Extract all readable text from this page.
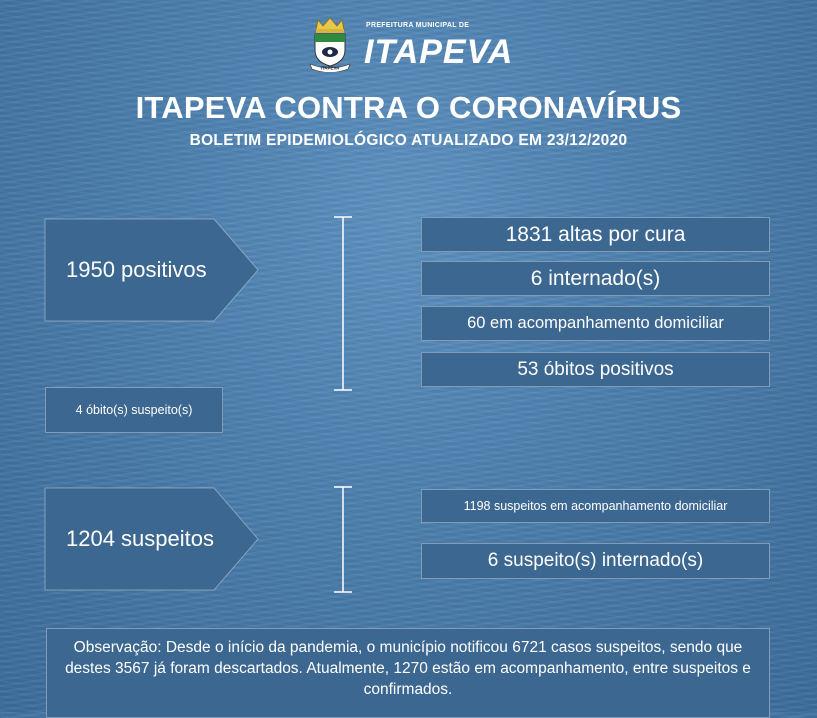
ITAPEVA
PREFEITURA MUNICIPAL DE
ITAPEVA
ITAPEVA CONTRA O CORONAVÍRUS
BOLETIM EPIDEMIOLÓGICO ATUALIZADO EM 23/12/2020
1950 positivos
1831 altas por cura
6 internado(s)
60 em acompanhamento domiciliar
53 óbitos positivos
4 óbito(s) suspeito(s)
1204 suspeitos
1198 suspeitos em acompanhamento domiciliar
6 suspeito(s) internado(s)
Observação: Desde o início da pandemia, o município notificou 6721 casos suspeitos, sendo que destes 3567 já foram descartados. Atualmente, 1270 estão em acompanhamento, entre suspeitos e confirmados.
